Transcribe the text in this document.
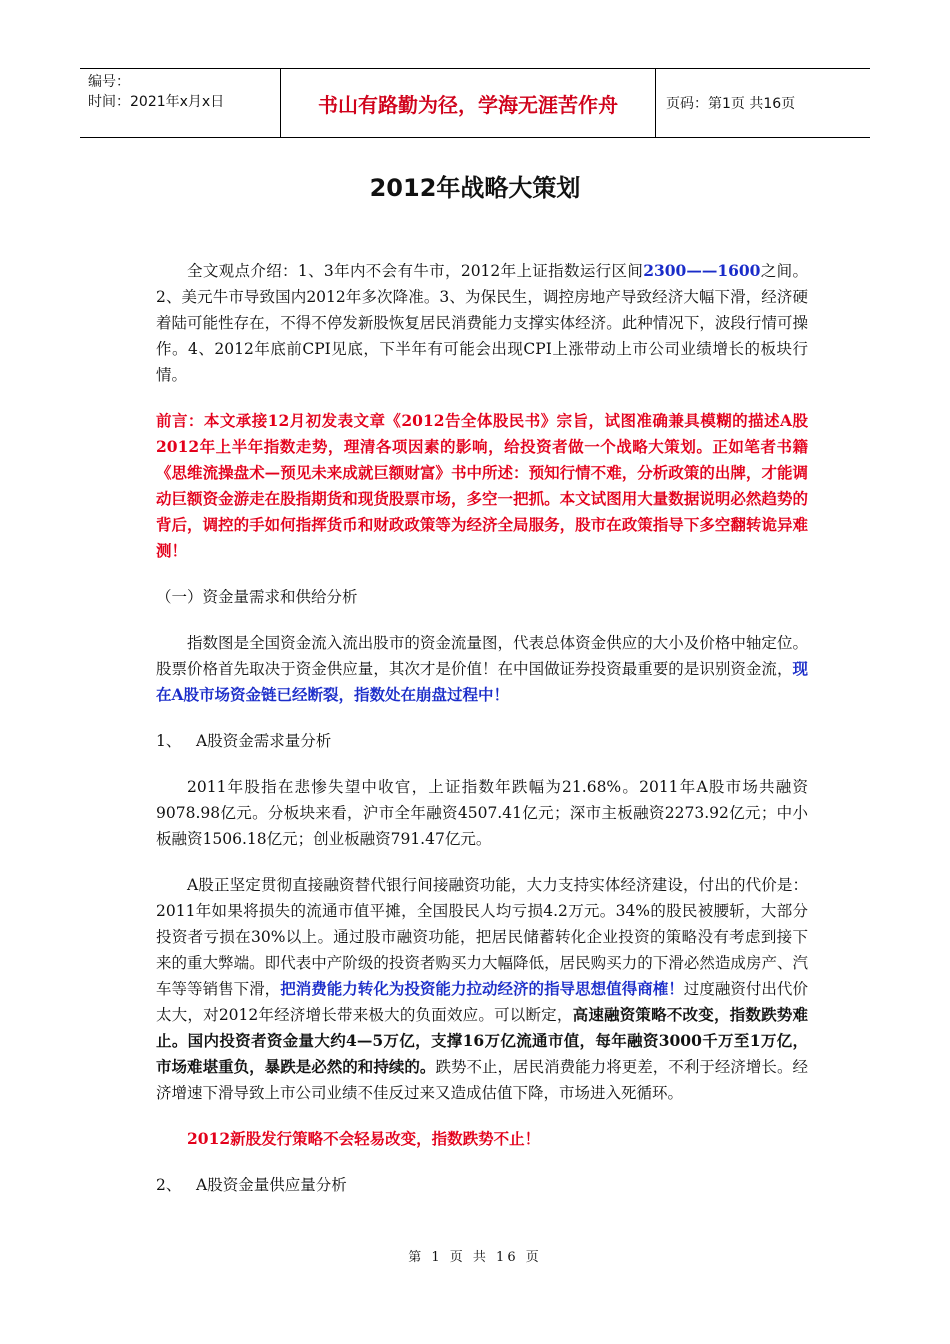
编号：
时间：2021年x月x日	书山有路勤为径，学海无涯苦作舟	页码：第1页 共16页
2012年战略大策划

全文观点介绍：1、3年内不会有牛市，2012年上证指数运行区间2300——1600之间。2、美元牛市导致国内2012年多次降准。3、为保民生，调控房地产导致经济大幅下滑，经济硬着陆可能性存在，不得不停发新股恢复居民消费能力支撑实体经济。此种情况下，波段行情可操作。4、2012年底前CPI见底，下半年有可能会出现CPI上涨带动上市公司业绩增长的板块行情。

前言：本文承接12月初发表文章《2012告全体股民书》宗旨，试图准确兼具模糊的描述A股2012年上半年指数走势，理清各项因素的影响，给投资者做一个战略大策划。正如笔者书籍《思维流操盘术—预见未来成就巨额财富》书中所述：预知行情不难，分析政策的出牌，才能调动巨额资金游走在股指期货和现货股票市场，多空一把抓。本文试图用大量数据说明必然趋势的背后，调控的手如何指挥货币和财政政策等为经济全局服务，股市在政策指导下多空翻转诡异难测！

（一）资金量需求和供给分析

指数图是全国资金流入流出股市的资金流量图，代表总体资金供应的大小及价格中轴定位。股票价格首先取决于资金供应量，其次才是价值！在中国做证券投资最重要的是识别资金流，现在A股市场资金链已经断裂，指数处在崩盘过程中！

1、 A股资金需求量分析

2011年股指在悲惨失望中收官，上证指数年跌幅为21.68%。2011年A股市场共融资9078.98亿元。分板块来看，沪市全年融资4507.41亿元；深市主板融资2273.92亿元；中小板融资1506.18亿元；创业板融资791.47亿元。

A股正坚定贯彻直接融资替代银行间接融资功能，大力支持实体经济建设，付出的代价是：2011年如果将损失的流通市值平摊，全国股民人均亏损4.2万元。34%的股民被腰斩，大部分投资者亏损在30%以上。通过股市融资功能，把居民储蓄转化企业投资的策略没有考虑到接下来的重大弊端。即代表中产阶级的投资者购买力大幅降低，居民购买力的下滑必然造成房产、汽车等等销售下滑，把消费能力转化为投资能力拉动经济的指导思想值得商榷！过度融资付出代价太大，对2012年经济增长带来极大的负面效应。可以断定，高速融资策略不改变，指数跌势难止。国内投资者资金量大约4—5万亿，支撑16万亿流通市值，每年融资3000千万至1万亿，市场难堪重负，暴跌是必然的和持续的。跌势不止，居民消费能力将更差，不利于经济增长。经济增速下滑导致上市公司业绩不佳反过来又造成估值下降，市场进入死循环。

2012新股发行策略不会轻易改变，指数跌势不止！

2、 A股资金量供应量分析

第 1 页 共 16 页
